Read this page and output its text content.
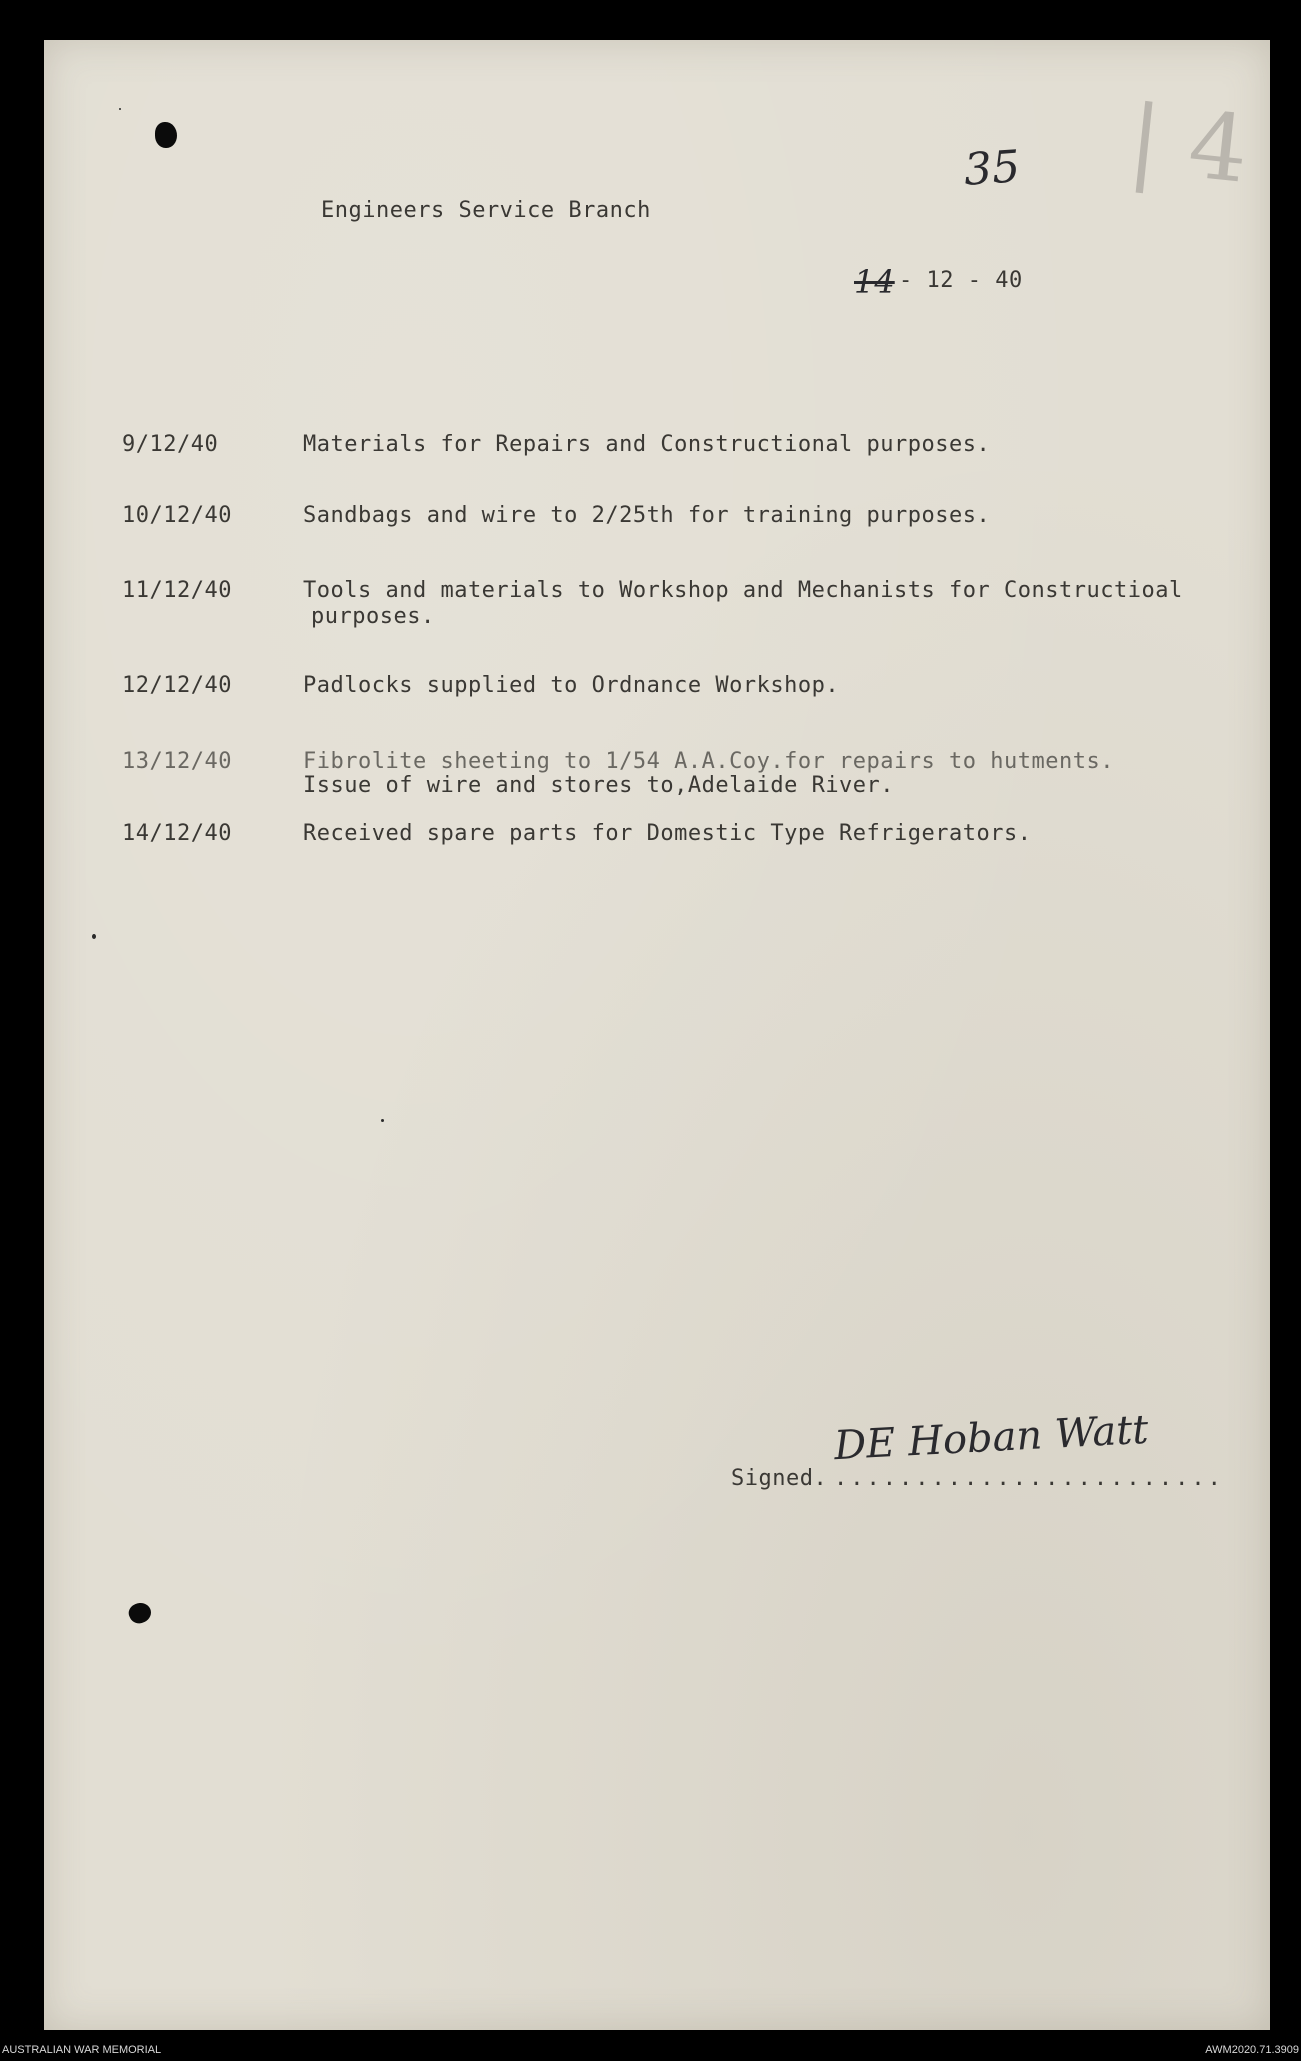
| 4
35
Engineers Service Branch
14 - 12 - 40
9/12/40	Materials for Repairs and Constructional purposes.
10/12/40	Sandbags and wire to 2/25th for training purposes.
11/12/40	Tools and materials to Workshop and Mechanists for Constructioal
purposes.
12/12/40	Padlocks supplied to Ordnance Workshop.
13/12/40	Fibrolite sheeting to 1/54 A.A.Coy.for repairs to hutments.
Issue of wire and stores to,Adelaide River.
14/12/40	Received spare parts for Domestic Type Refrigerators.
DE Hoban Watt
Signed. ........................
AUSTRALIAN WAR MEMORIAL	AWM2020.71.3909
